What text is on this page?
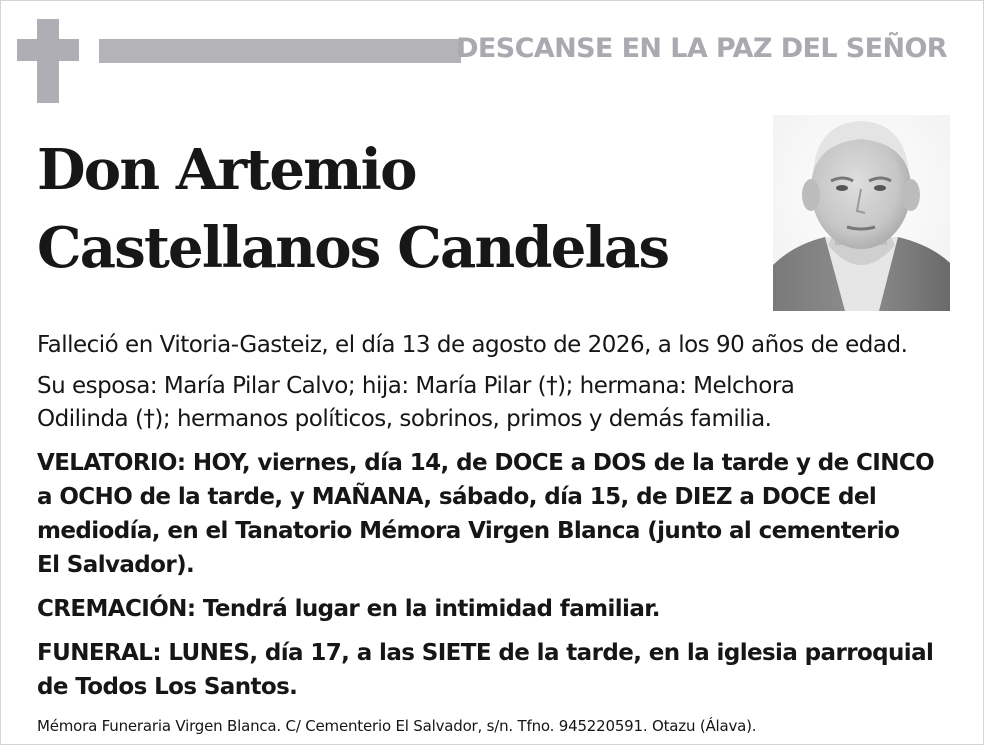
DESCANSE EN LA PAZ DEL SEÑOR
Don Artemio
Castellanos Candelas

Falleció en Vitoria-Gasteiz, el día 13 de agosto de 2026, a los 90 años de edad.

Su esposa: María Pilar Calvo; hija: María Pilar (†); hermana: Melchora

Odilinda (†); hermanos políticos, sobrinos, primos y demás familia.

VELATORIO: HOY, viernes, día 14, de DOCE a DOS de la tarde y de CINCO

a OCHO de la tarde, y MAÑANA, sábado, día 15, de DIEZ a DOCE del

mediodía, en el Tanatorio Mémora Virgen Blanca (junto al cementerio

El Salvador).

CREMACIÓN: Tendrá lugar en la intimidad familiar.

FUNERAL: LUNES, día 17, a las SIETE de la tarde, en la iglesia parroquial

de Todos Los Santos.

Mémora Funeraria Virgen Blanca. C/ Cementerio El Salvador, s/n. Tfno. 945220591. Otazu (Álava).
